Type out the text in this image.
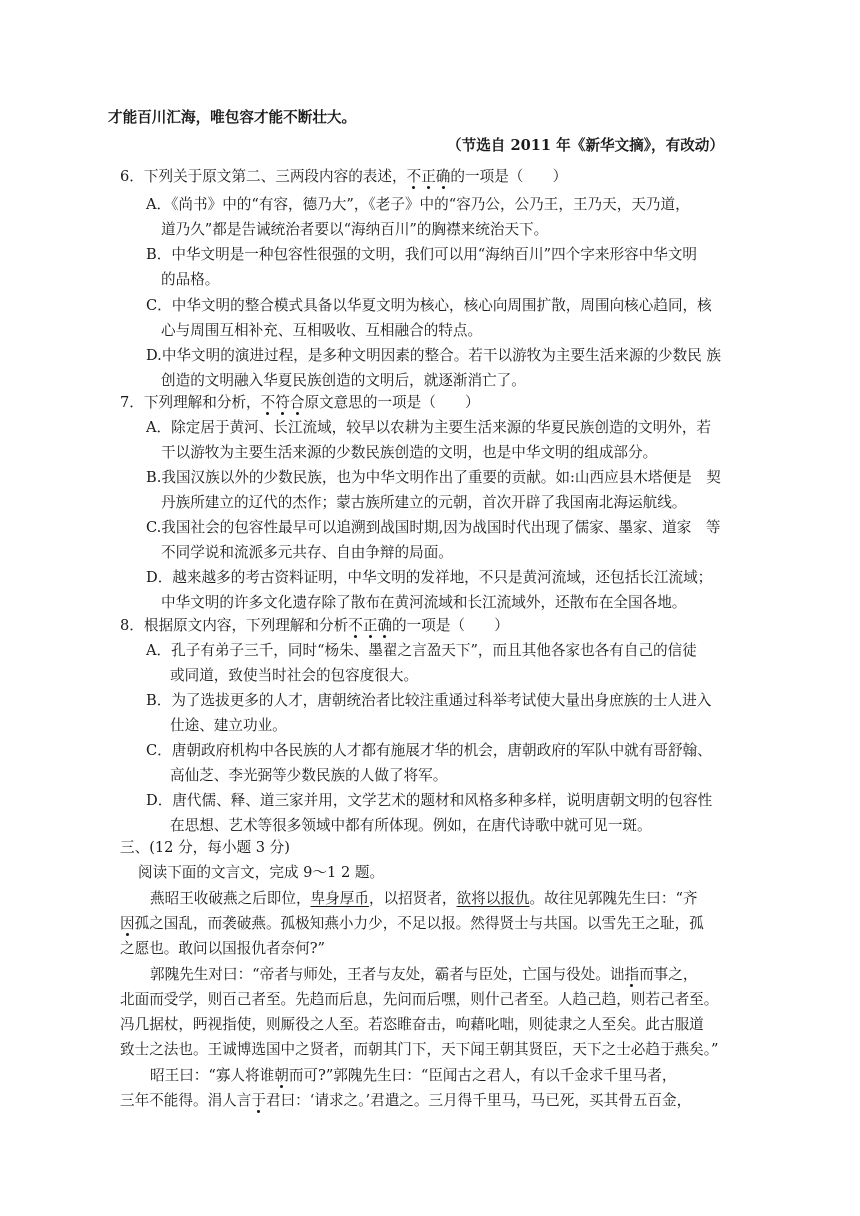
才能百川汇海，唯包容才能不断壮大。
（节选自 2011 年《新华文摘》，有改动）
6．下列关于原文第二、三两段内容的表述，不正确的一项是（　　）
A．《尚书》中的“有容，德乃大”，《老子》中的“容乃公，公乃王，王乃天，天乃道，
道乃久”都是告诫统治者要以“海纳百川”的胸襟来统治天下。
B．中华文明是一种包容性很强的文明，我们可以用“海纳百川”四个字来形容中华文明
的品格。
C．中华文明的整合模式具备以华夏文明为核心，核心向周围扩散，周围向核心趋同，核
心与周围互相补充、互相吸收、互相融合的特点。
D.中华文明的演进过程，是多种文明因素的整合。若干以游牧为主要生活来源的少数民 族
创造的文明融入华夏民族创造的文明后，就逐渐消亡了。
7．下列理解和分析，不符合原文意思的一项是（　　）
A．除定居于黄河、长江流域，较早以农耕为主要生活来源的华夏民族创造的文明外，若
干以游牧为主要生活来源的少数民族创造的文明，也是中华文明的组成部分。
B.我国汉族以外的少数民族，也为中华文明作出了重要的贡献。如:山西应县木塔便是　契
丹族所建立的辽代的杰作；蒙古族所建立的元朝，首次开辟了我国南北海运航线。
C.我国社会的包容性最早可以追溯到战国时期,因为战国时代出现了儒家、墨家、道家　等
不同学说和流派多元共存、自由争辩的局面。
D．越来越多的考古资料证明，中华文明的发祥地，不只是黄河流域，还包括长江流域；
中华文明的许多文化遗存除了散布在黄河流域和长江流域外，还散布在全国各地。
8．根据原文内容，下列理解和分析不正确的一项是（　　）
A．孔子有弟子三千，同时“杨朱、墨翟之言盈天下”，而且其他各家也各有自己的信徒
或同道，致使当时社会的包容度很大。
B．为了选拔更多的人才，唐朝统治者比较注重通过科举考试使大量出身庶族的士人进入
仕途、建立功业。
C．唐朝政府机构中各民族的人才都有施展才华的机会，唐朝政府的军队中就有哥舒翰、
高仙芝、李光弼等少数民族的人做了将军。
D．唐代儒、释、道三家并用，文学艺术的题材和风格多种多样，说明唐朝文明的包容性
在思想、艺术等很多领域中都有所体现。例如，在唐代诗歌中就可见一斑。
三、(12 分，每小题 3 分)
阅读下面的文言文，完成 9～1 2 题。
燕昭王收破燕之后即位，卑身厚币，以招贤者，欲将以报仇。故往见郭隗先生曰：“齐
因孤之国乱，而袭破燕。孤极知燕小力少，不足以报。然得贤士与共国。以雪先王之耻，孤
之愿也。敢问以国报仇者奈何?”
郭隗先生对曰：“帝者与师处，王者与友处，霸者与臣处，亡国与役处。诎指而事之，
北面而受学，则百己者至。先趋而后息，先问而后嘿，则什己者至。人趋己趋，则若己者至。
冯几据杖，眄视指使，则厮役之人至。若恣睢奋击，呴藉叱咄，则徒隶之人至矣。此古服道
致士之法也。王诚博选国中之贤者，而朝其门下，天下闻王朝其贤臣，天下之士必趋于燕矣。”
昭王曰：“寡人将谁朝而可?”郭隗先生曰：“臣闻古之君人，有以千金求千里马者，
三年不能得。涓人言于君曰：‘请求之。’君遣之。三月得千里马，马已死，买其骨五百金，
